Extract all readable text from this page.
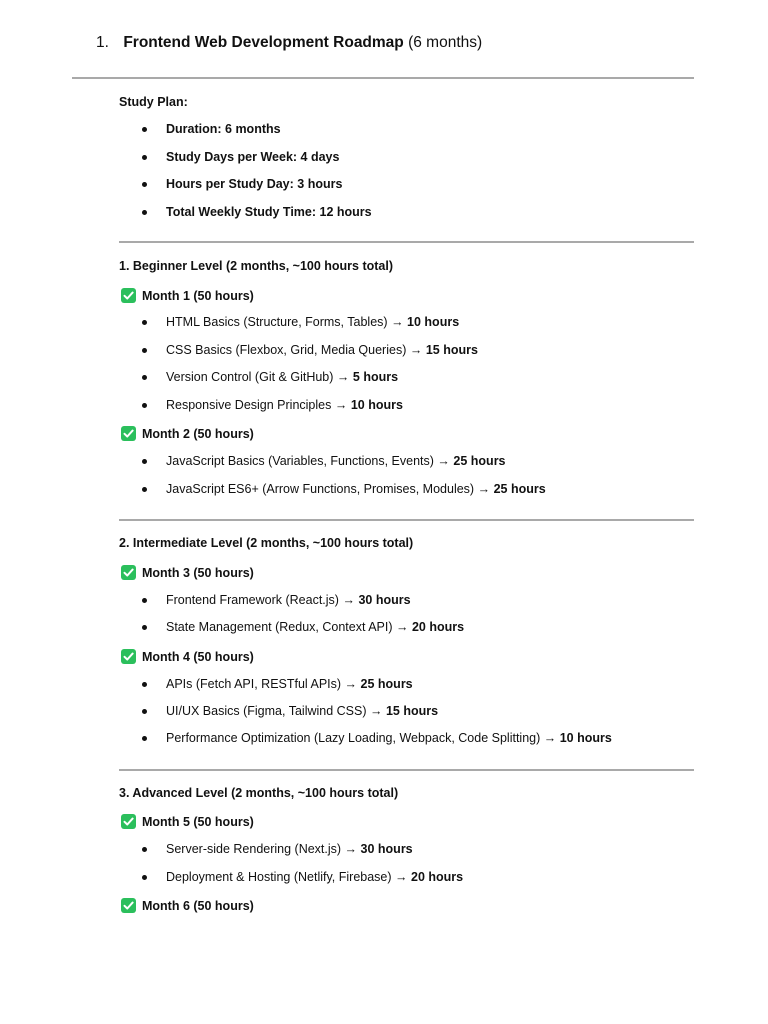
1. Frontend Web Development Roadmap (6 months)
Study Plan:
Duration: 6 months
Study Days per Week: 4 days
Hours per Study Day: 3 hours
Total Weekly Study Time: 12 hours
1. Beginner Level (2 months, ~100 hours total)
Month 1 (50 hours)
HTML Basics (Structure, Forms, Tables) → 10 hours
CSS Basics (Flexbox, Grid, Media Queries) → 15 hours
Version Control (Git & GitHub) → 5 hours
Responsive Design Principles → 10 hours
Month 2 (50 hours)
JavaScript Basics (Variables, Functions, Events) → 25 hours
JavaScript ES6+ (Arrow Functions, Promises, Modules) → 25 hours
2. Intermediate Level (2 months, ~100 hours total)
Month 3 (50 hours)
Frontend Framework (React.js) → 30 hours
State Management (Redux, Context API) → 20 hours
Month 4 (50 hours)
APIs (Fetch API, RESTful APIs) → 25 hours
UI/UX Basics (Figma, Tailwind CSS) → 15 hours
Performance Optimization (Lazy Loading, Webpack, Code Splitting) → 10 hours
3. Advanced Level (2 months, ~100 hours total)
Month 5 (50 hours)
Server-side Rendering (Next.js) → 30 hours
Deployment & Hosting (Netlify, Firebase) → 20 hours
Month 6 (50 hours)
